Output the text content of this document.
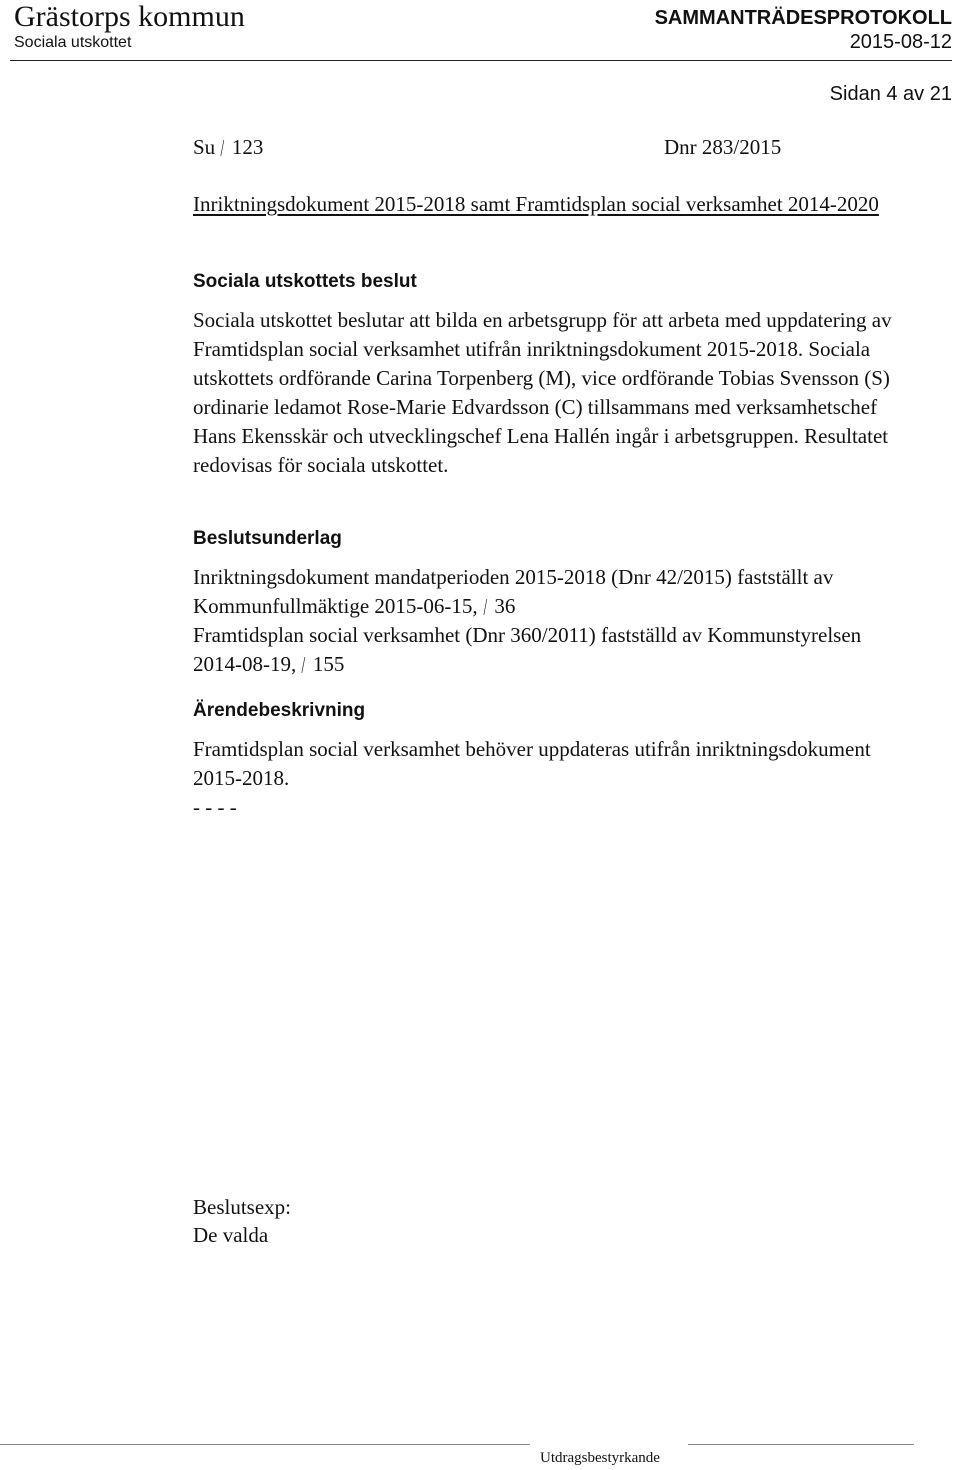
Grästorps kommun
Sociala utskottet
SAMMANTRÄDESPROTOKOLL
2015-08-12
Sidan 4 av 21
Su / 123	Dnr 283/2015

Inriktningsdokument 2015-2018 samt Framtidsplan social verksamhet 2014-2020

Sociala utskottets beslut

Sociala utskottet beslutar att bilda en arbetsgrupp för att arbeta med uppdatering av Framtidsplan social verksamhet utifrån inriktningsdokument 2015-2018. Sociala utskottets ordförande Carina Torpenberg (M), vice ordförande Tobias Svensson (S) ordinarie ledamot Rose-Marie Edvardsson (C) tillsammans med verksamhetschef Hans Ekensskär och utvecklingschef Lena Hallén ingår i arbetsgruppen. Resultatet redovisas för sociala utskottet.

Beslutsunderlag

Inriktningsdokument mandatperioden 2015-2018 (Dnr 42/2015) fastställt av Kommunfullmäktige 2015-06-15, / 36

Framtidsplan social verksamhet (Dnr 360/2011) fastställd av Kommunstyrelsen 2014-08-19, / 155

Ärendebeskrivning

Framtidsplan social verksamhet behöver uppdateras utifrån inriktningsdokument 2015-2018.

- - - -
Beslutsexp:
De valda
Utdragsbestyrkande
